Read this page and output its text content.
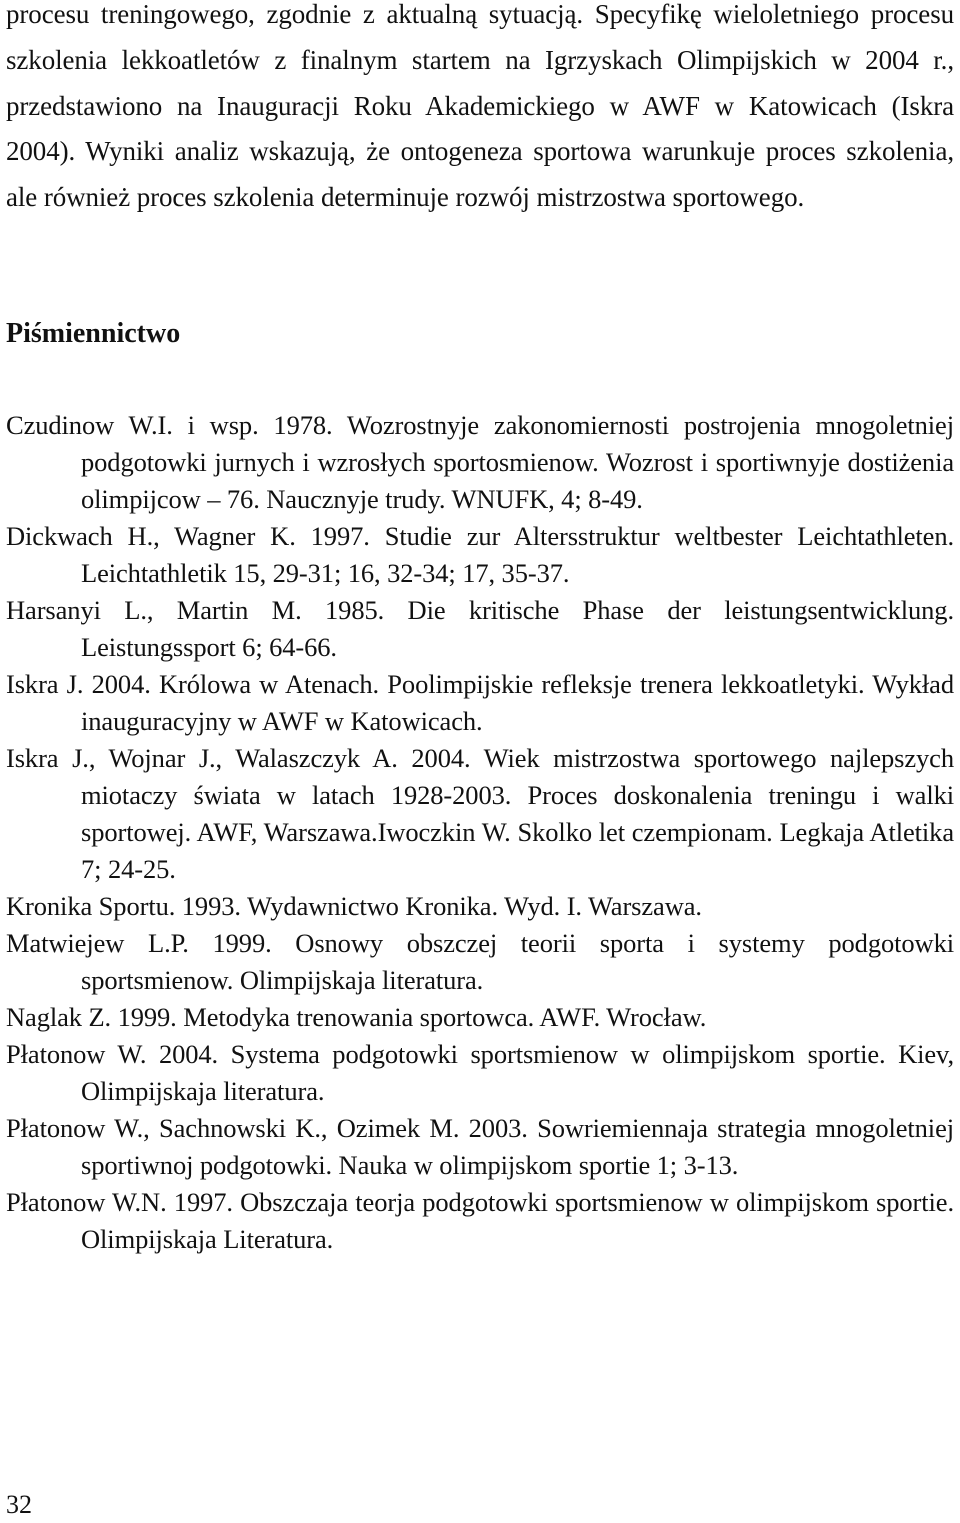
procesu treningowego, zgodnie z aktualną sytuacją. Specyfikę wieloletniego procesu szkolenia lekkoatletów z finalnym startem na Igrzyskach Olimpijskich w 2004 r., przedstawiono na Inauguracji Roku Akademickiego w AWF w Katowicach (Iskra 2004). Wyniki analiz wskazują, że ontogeneza sportowa warunkuje proces szkolenia, ale również proces szkolenia determinuje rozwój mistrzostwa sportowego.

Piśmiennictwo
Czudinow W.I. i wsp. 1978. Wozrostnyje zakonomiernosti postrojenia mnogoletniej podgotowki jurnych i wzrosłych sportosmienow. Wozrost i sportiwnyje dostiżenia olimpijcow – 76. Naucznyje trudy. WNUFK, 4; 8-49.
Dickwach H., Wagner K. 1997. Studie zur Altersstruktur weltbester Leichtathleten. Leichtathletik 15, 29-31; 16, 32-34; 17, 35-37.
Harsanyi L., Martin M. 1985. Die kritische Phase der leistungsentwicklung. Leistungssport 6; 64-66.
Iskra J. 2004. Królowa w Atenach. Poolimpijskie refleksje trenera lekkoatletyki. Wykład inauguracyjny w AWF w Katowicach.
Iskra J., Wojnar J., Walaszczyk A. 2004. Wiek mistrzostwa sportowego najlepszych miotaczy świata w latach 1928-2003. Proces doskonalenia treningu i walki sportowej. AWF, Warszawa.Iwoczkin W. Skolko let czempionam. Legkaja Atletika 7; 24-25.
Kronika Sportu. 1993. Wydawnictwo Kronika. Wyd. I. Warszawa.
Matwiejew L.P. 1999. Osnowy obszczej teorii sporta i systemy podgotowki sportsmienow. Olimpijskaja literatura.
Naglak Z. 1999. Metodyka trenowania sportowca. AWF. Wrocław.
Płatonow W. 2004. Systema podgotowki sportsmienow w olimpijskom sportie. Kiev, Olimpijskaja literatura.
Płatonow W., Sachnowski K., Ozimek M. 2003. Sowriemiennaja strategia mnogoletniej sportiwnoj podgotowki. Nauka w olimpijskom sportie 1; 3-13.
Płatonow W.N. 1997. Obszczaja teorja podgotowki sportsmienow w olimpijskom sportie. Olimpijskaja Literatura.
32
